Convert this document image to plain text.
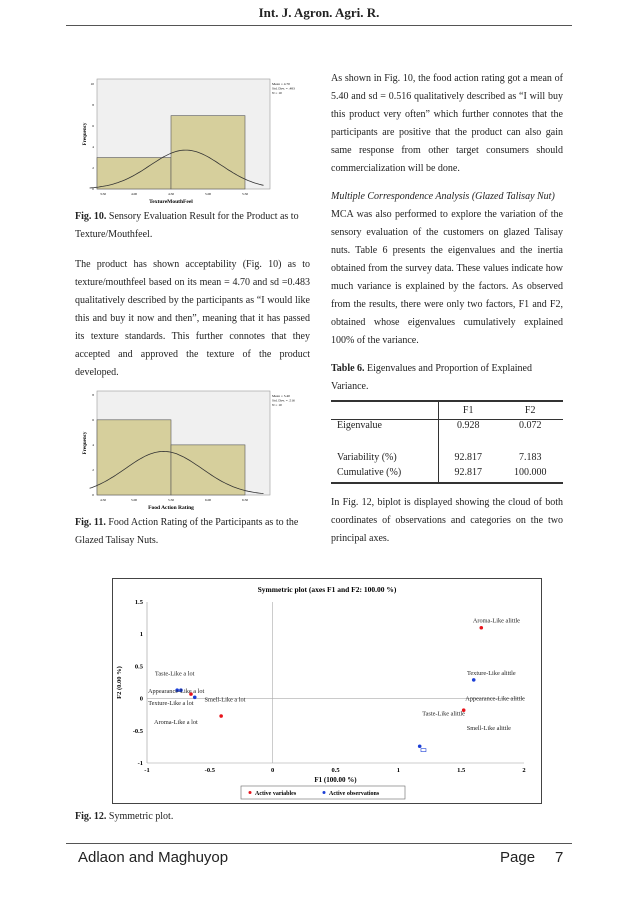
Int. J. Agron. Agri. R.
3.50	4.00	4.50	5.00	5.50
0
2
4
6
8
10
TextureMouthFeel
Frequency
Mean = 4.70
Std. Dev. = .483
N = 10
Fig. 10. Sensory Evaluation Result for the Product as to Texture/Mouthfeel.
The product has shown acceptability (Fig. 10) as to texture/mouthfeel based on its mean = 4.70 and sd =0.483 qualitatively described by the participants as “I would like this and buy it now and then”, meaning that it has passed its texture standards. This further connotes that they accepted and approved the texture of the product developed.
4.50	5.00	5.50	6.00	6.50
0
2
4
6
8
Food Action Rating
Frequency
Mean = 5.40
Std. Dev. = .516
N = 10
Fig. 11. Food Action Rating of the Participants as to the Glazed Talisay Nuts.
As shown in Fig. 10, the food action rating got a mean of 5.40 and sd = 0.516 qualitatively described as “I will buy this product very often” which further connotes that the participants are positive that the product can also gain same response from other target consumers should commercialization will be done.
Multiple Correspondence Analysis (Glazed Talisay Nut)
MCA was also performed to explore the variation of the sensory evaluation of the customers on glazed Talisay nuts. Table 6 presents the eigenvalues and the inertia obtained from the survey data. These values indicate how much variance is explained by the factors. As observed from the results, there were only two factors, F1 and F2, obtained whose eigenvalues cumulatively explained 100% of the variance.
Table 6. Eigenvalues and Proportion of Explained Variance.
	F1	F2
Eigenvalue	0.928	0.072
Variability (%)	92.817	7.183
Cumulative (%)	92.817	100.000
In Fig. 12, biplot is displayed showing the cloud of both coordinates of observations and categories on the two principal axes.
Symmetric plot (axes F1 and F2: 100.00 %)
-1	-0.5	0	0.5	1	1.5	2
-1
-0.5
0
0.5
1
1.5
F1 (100.00 %)
F2 (0.00 %)
Aroma-Like alittle
Taste-Like a lot
Appearance-Like a lot
Smell-Like a lot
Texture-Like a lot
Aroma-Like a lot
Texture-Like alittle
Appearance-Like alittle
Taste-Like alittle
Smell-Like alittle
Active variables	Active observations
Fig. 12. Symmetric plot.
Adlaon and Maghuyop	Page 7
